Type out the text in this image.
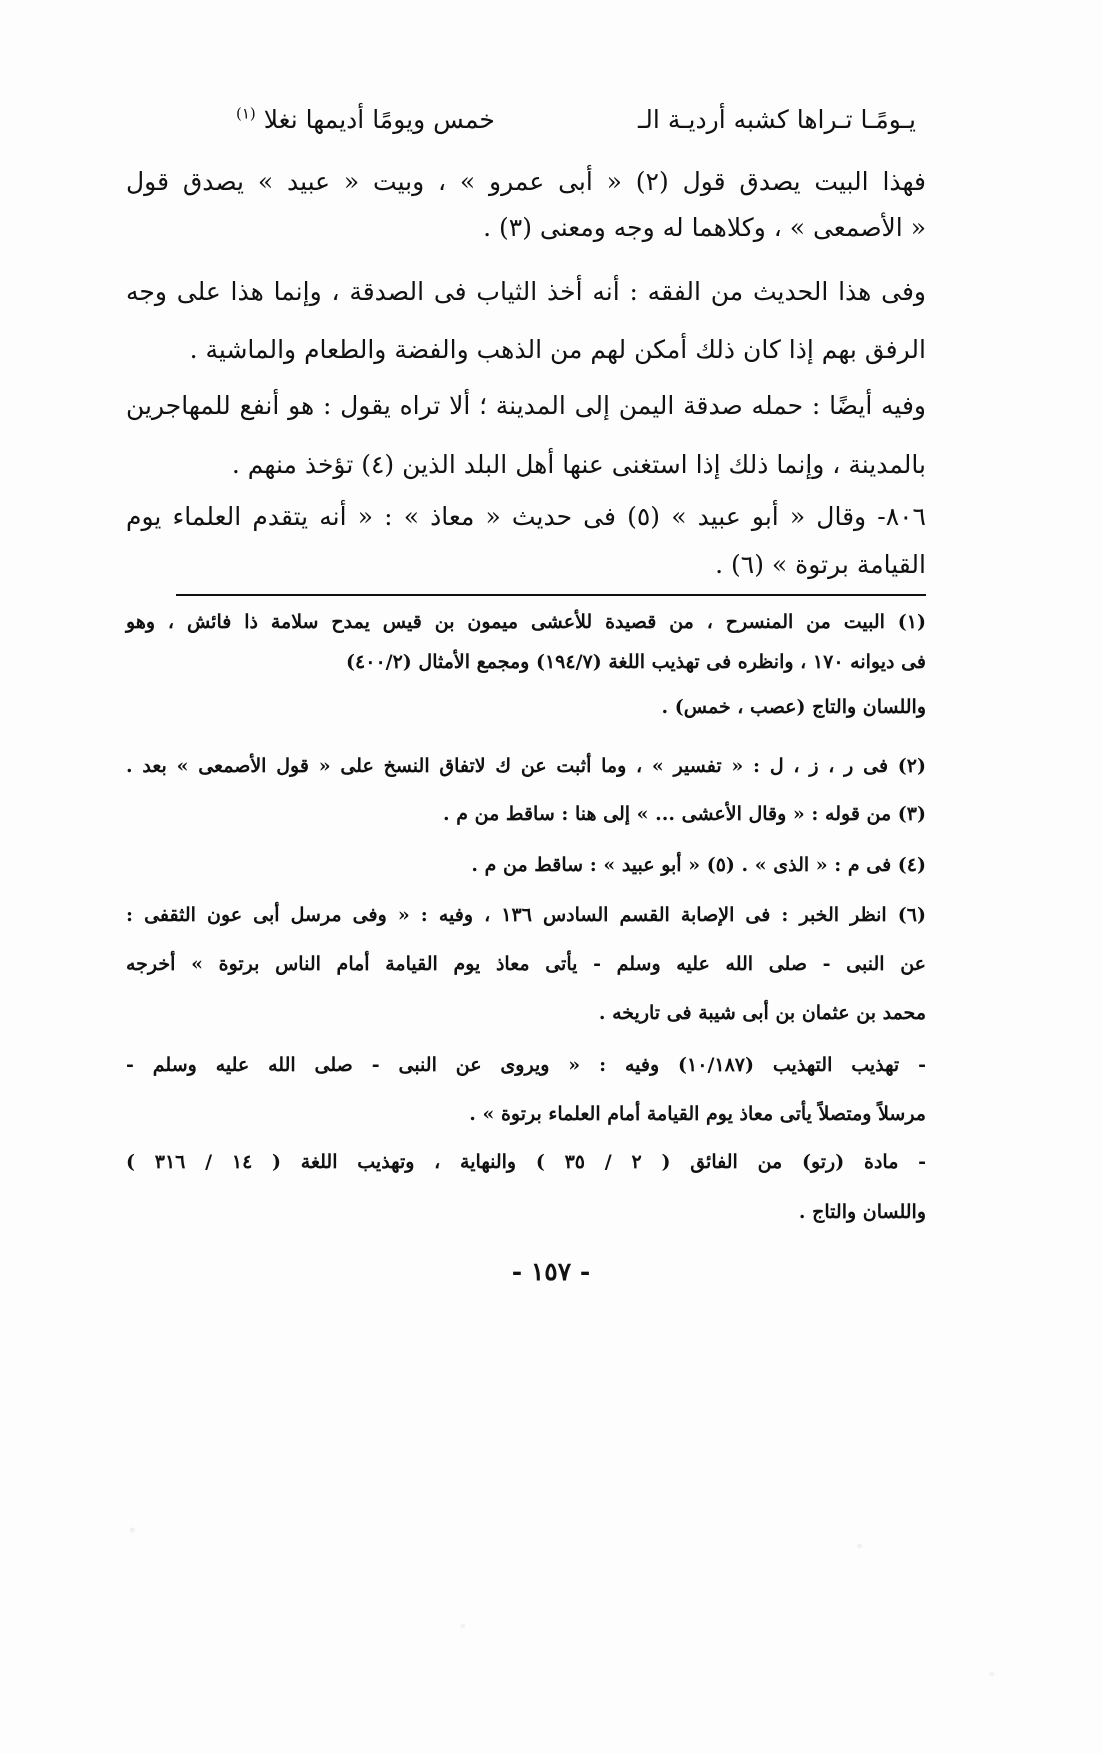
يـومًـا تـراها كشبه أرديـة الـ
خمس ويومًا أديمها نغلا $^{(١)}$
فهذا البيت يصدق قول (٢) « أبى عمرو » ، وبيت « عبيد » يصدق قول
« الأصمعى » ، وكلاهما له وجه ومعنى (٣) .
وفى هذا الحديث من الفقه : أنه أخذ الثياب فى الصدقة ، وإنما هذا على وجه
الرفق بهم إذا كان ذلك أمكن لهم من الذهب والفضة والطعام والماشية .
وفيه أيضًا : حمله صدقة اليمن إلى المدينة ؛ ألا تراه يقول : هو أنفع للمهاجرين
بالمدينة ، وإنما ذلك إذا استغنى عنها أهل البلد الذين (٤) تؤخذ منهم .
٨٠٦- وقال « أبو عبيد » (٥) فى حديث « معاذ » : « أنه يتقدم العلماء يوم
القيامة برتوة » (٦) .
(١) البيت من المنسرح ، من قصيدة للأعشى ميمون بن قيس يمدح سلامة ذا فائش ، وهو
فى ديوانه ١٧٠ ، وانظره فى تهذيب اللغة (١٩٤/٧) ومجمع الأمثال (٤٠٠/٢)
واللسان والتاج (عصب ، خمس) .
(٢) فى ر ، ز ، ل : « تفسير » ، وما أثبت عن ك لاتفاق النسخ على « قول الأصمعى » بعد .
(٣) من قوله : « وقال الأعشى ... » إلى هنا : ساقط من م .
(٤) فى م : « الذى » . (٥) « أبو عبيد » : ساقط من م .
(٦) انظر الخبر : فى الإصابة القسم السادس ١٣٦ ، وفيه : « وفى مرسل أبى عون الثقفى :
عن النبى - صلى الله عليه وسلم - يأتى معاذ يوم القيامة أمام الناس برتوة » أخرجه
محمد بن عثمان بن أبى شيبة فى تاريخه .
- تهذيب التهذيب (١٠/١٨٧) وفيه : « ويروى عن النبى - صلى الله عليه وسلم -
مرسلاً ومتصلاً يأتى معاذ يوم القيامة أمام العلماء برتوة » .
- مادة (رتو) من الفائق ( ٢ / ٣٥ ) والنهاية ، وتهذيب اللغة ( ١٤ / ٣١٦ )
واللسان والتاج .
- ١٥٧ -
